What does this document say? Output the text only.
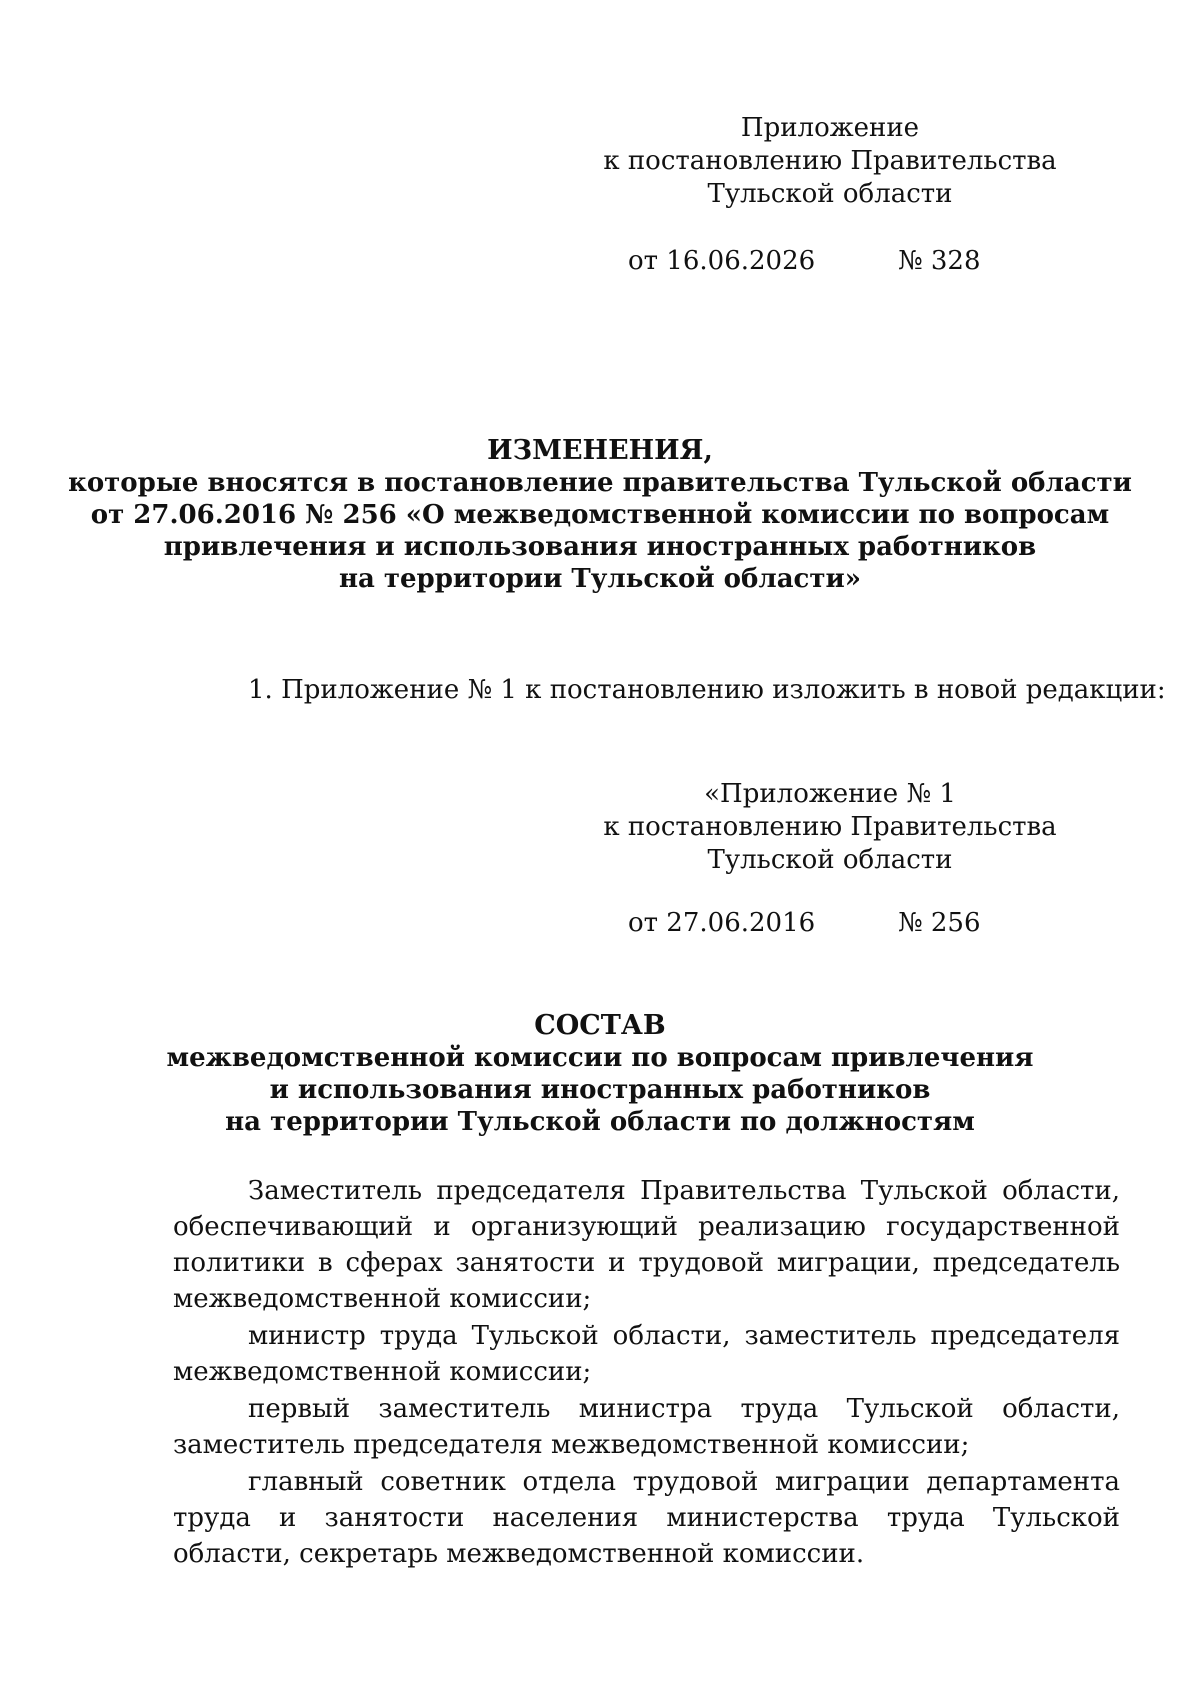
Приложение
к постановлению Правительства
Тульской области
от 16.06.2026	№ 328
ИЗМЕНЕНИЯ,
которые вносятся в постановление правительства Тульской области
от 27.06.2016 № 256 «О межведомственной комиссии по вопросам
привлечения и использования иностранных работников
на территории Тульской области»
1. Приложение № 1 к постановлению изложить в новой редакции:
«Приложение № 1
к постановлению Правительства
Тульской области
от 27.06.2016	№ 256
СОСТАВ
межведомственной комиссии по вопросам привлечения
и использования иностранных работников
на территории Тульской области по должностям

Заместитель председателя Правительства Тульской области, обеспечивающий и организующий реализацию государственной политики в сферах занятости и трудовой миграции, председатель межведомственной комиссии;

министр труда Тульской области, заместитель председателя межведомственной комиссии;

первый заместитель министра труда Тульской области, заместитель председателя межведомственной комиссии;

главный советник отдела трудовой миграции департамента труда и занятости населения министерства труда Тульской области, секретарь межведомственной комиссии.
